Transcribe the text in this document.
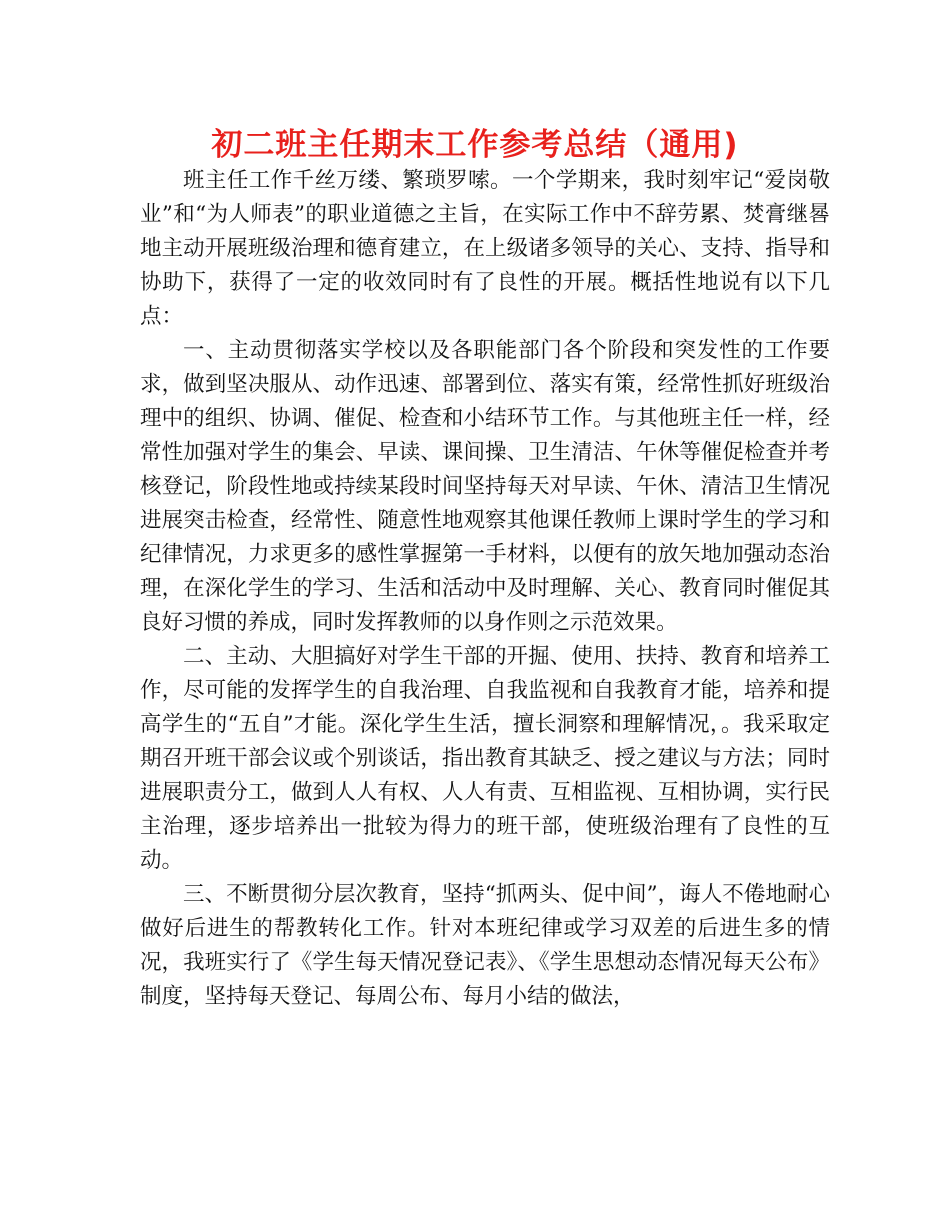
初二班主任期末工作参考总结（通用)

班主任工作千丝万缕、繁琐罗嗦。一个学期来，我时刻牢记“爱岗敬业”和“为人师表”的职业道德之主旨，在实际工作中不辞劳累、焚膏继晷地主动开展班级治理和德育建立，在上级诸多领导的关心、支持、指导和协助下，获得了一定的收效同时有了良性的开展。概括性地说有以下几点：

一、主动贯彻落实学校以及各职能部门各个阶段和突发性的工作要求，做到坚决服从、动作迅速、部署到位、落实有策，经常性抓好班级治理中的组织、协调、催促、检查和小结环节工作。与其他班主任一样，经常性加强对学生的集会、早读、课间操、卫生清洁、午休等催促检查并考核登记，阶段性地或持续某段时间坚持每天对早读、午休、清洁卫生情况进展突击检查，经常性、随意性地观察其他课任教师上课时学生的学习和纪律情况，力求更多的感性掌握第一手材料，以便有的放矢地加强动态治理，在深化学生的学习、生活和活动中及时理解、关心、教育同时催促其良好习惯的养成，同时发挥教师的以身作则之示范效果。

二、主动、大胆搞好对学生干部的开掘、使用、扶持、教育和培养工作，尽可能的发挥学生的自我治理、自我监视和自我教育才能，培养和提高学生的“五自”才能。深化学生生活，擅长洞察和理解情况，。我采取定期召开班干部会议或个别谈话，指出教育其缺乏、授之建议与方法；同时进展职责分工，做到人人有权、人人有责、互相监视、互相协调，实行民主治理，逐步培养出一批较为得力的班干部，使班级治理有了良性的互动。

三、不断贯彻分层次教育，坚持“抓两头、促中间”，诲人不倦地耐心做好后进生的帮教转化工作。针对本班纪律或学习双差的后进生多的情况，我班实行了《学生每天情况登记表》、《学生思想动态情况每天公布》制度，坚持每天登记、每周公布、每月小结的做法，
